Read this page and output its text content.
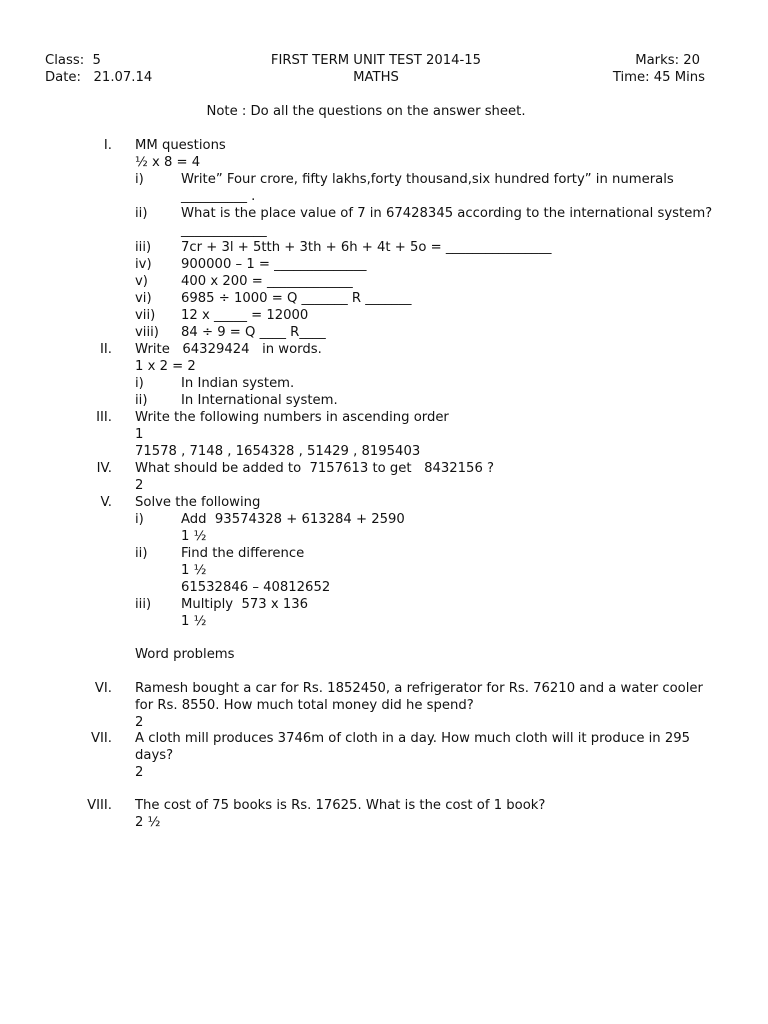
Class:  5
Date:   21.07.14
FIRST TERM UNIT TEST 2014-15
MATHS
Marks: 20
Time: 45 Mins
Note : Do all the questions on the answer sheet.
I. MM questions
½ x 8 = 4
i)	Write” Four crore, fifty lakhs,forty thousand,six hundred forty” in numerals
__________ .
ii)	What is the place value of 7 in 67428345 according to the international system?
_____________
iii) 7cr + 3l + 5tth + 3th + 6h + 4t + 5o = ________________
iv) 900000 – 1 = ______________
v)	400 x 200 = _____________
vi) 6985 ÷ 1000 = Q _______ R _______
vii) 12 x _____ = 12000
viii) 84 ÷ 9 = Q ____ R____
II. Write   64329424   in words.
1 x 2 = 2
i)	In Indian system.
ii)	In International system.
III. Write the following numbers in ascending order
1
71578 , 7148 , 1654328 , 51429 , 8195403
IV. What should be added to  7157613 to get   8432156 ?
2
V. Solve the following
i)	Add  93574328 + 613284 + 2590
1 ½
ii)	Find the difference
1 ½
61532846 – 40812652
iii) Multiply  573 x 136
1 ½
Word problems
VI. Ramesh bought a car for Rs. 1852450, a refrigerator for Rs. 76210 and a water cooler
for Rs. 8550. How much total money did he spend?
2
VII. A cloth mill produces 3746m of cloth in a day. How much cloth will it produce in 295
days?
2
VIII. The cost of 75 books is Rs. 17625. What is the cost of 1 book?
2 ½
